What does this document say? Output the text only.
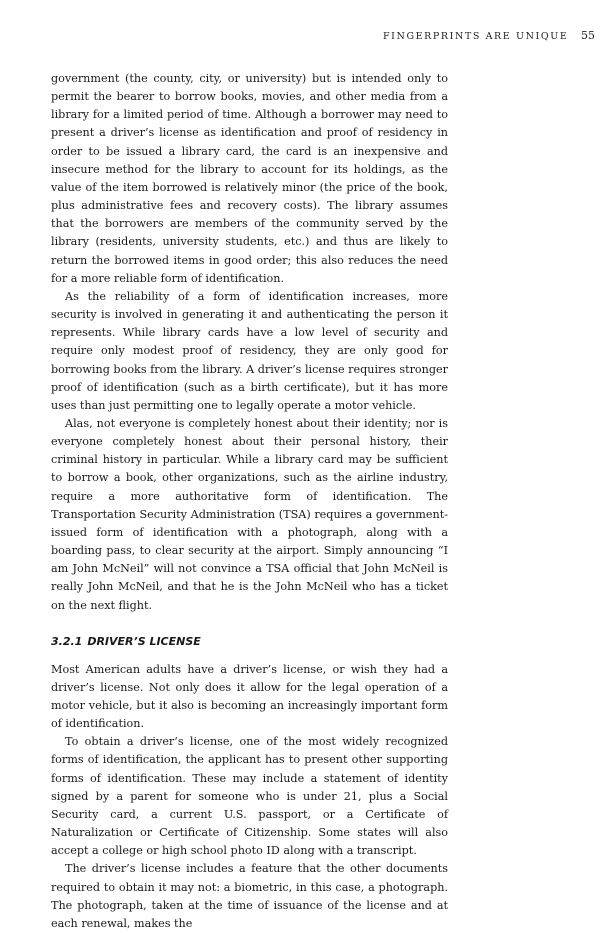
FINGERPRINTS ARE UNIQUE 55

government (the county, city, or university) but is intended only to permit the bearer to borrow books, movies, and other media from a library for a limited period of time. Although a borrower may need to present a driver’s license as identification and proof of residency in order to be issued a library card, the card is an inexpensive and insecure method for the library to account for its holdings, as the value of the item borrowed is relatively minor (the price of the book, plus administrative fees and recovery costs). The library assumes that the borrowers are members of the community served by the library (residents, university students, etc.) and thus are likely to return the borrowed items in good order; this also reduces the need for a more reliable form of identification.

As the reliability of a form of identification increases, more security is involved in generating it and authenticating the person it represents. While library cards have a low level of security and require only modest proof of residency, they are only good for borrowing books from the library. A driver’s license requires stronger proof of identification (such as a birth certificate), but it has more uses than just permitting one to legally operate a motor vehicle.

Alas, not everyone is completely honest about their identity; nor is everyone completely honest about their personal history, their criminal history in particular. While a library card may be sufficient to borrow a book, other organizations, such as the airline industry, require a more authoritative form of identification. The Transportation Security Administration (TSA) requires a government-issued form of identification with a photograph, along with a boarding pass, to clear security at the airport. Simply announcing “I am John McNeil” will not convince a TSA official that John McNeil is really John McNeil, and that he is the John McNeil who has a ticket on the next flight.

3.2.1 DRIVER’S LICENSE

Most American adults have a driver’s license, or wish they had a driver’s license. Not only does it allow for the legal operation of a motor vehicle, but it also is becoming an increasingly important form of identification.

To obtain a driver’s license, one of the most widely recognized forms of identification, the applicant has to present other supporting forms of identification. These may include a statement of identity signed by a parent for someone who is under 21, plus a Social Security card, a current U.S. passport, or a Certificate of Naturalization or Certificate of Citizenship. Some states will also accept a college or high school photo ID along with a transcript.

The driver’s license includes a feature that the other documents required to obtain it may not: a biometric, in this case, a photograph. The photograph, taken at the time of issuance of the license and at each renewal, makes the
